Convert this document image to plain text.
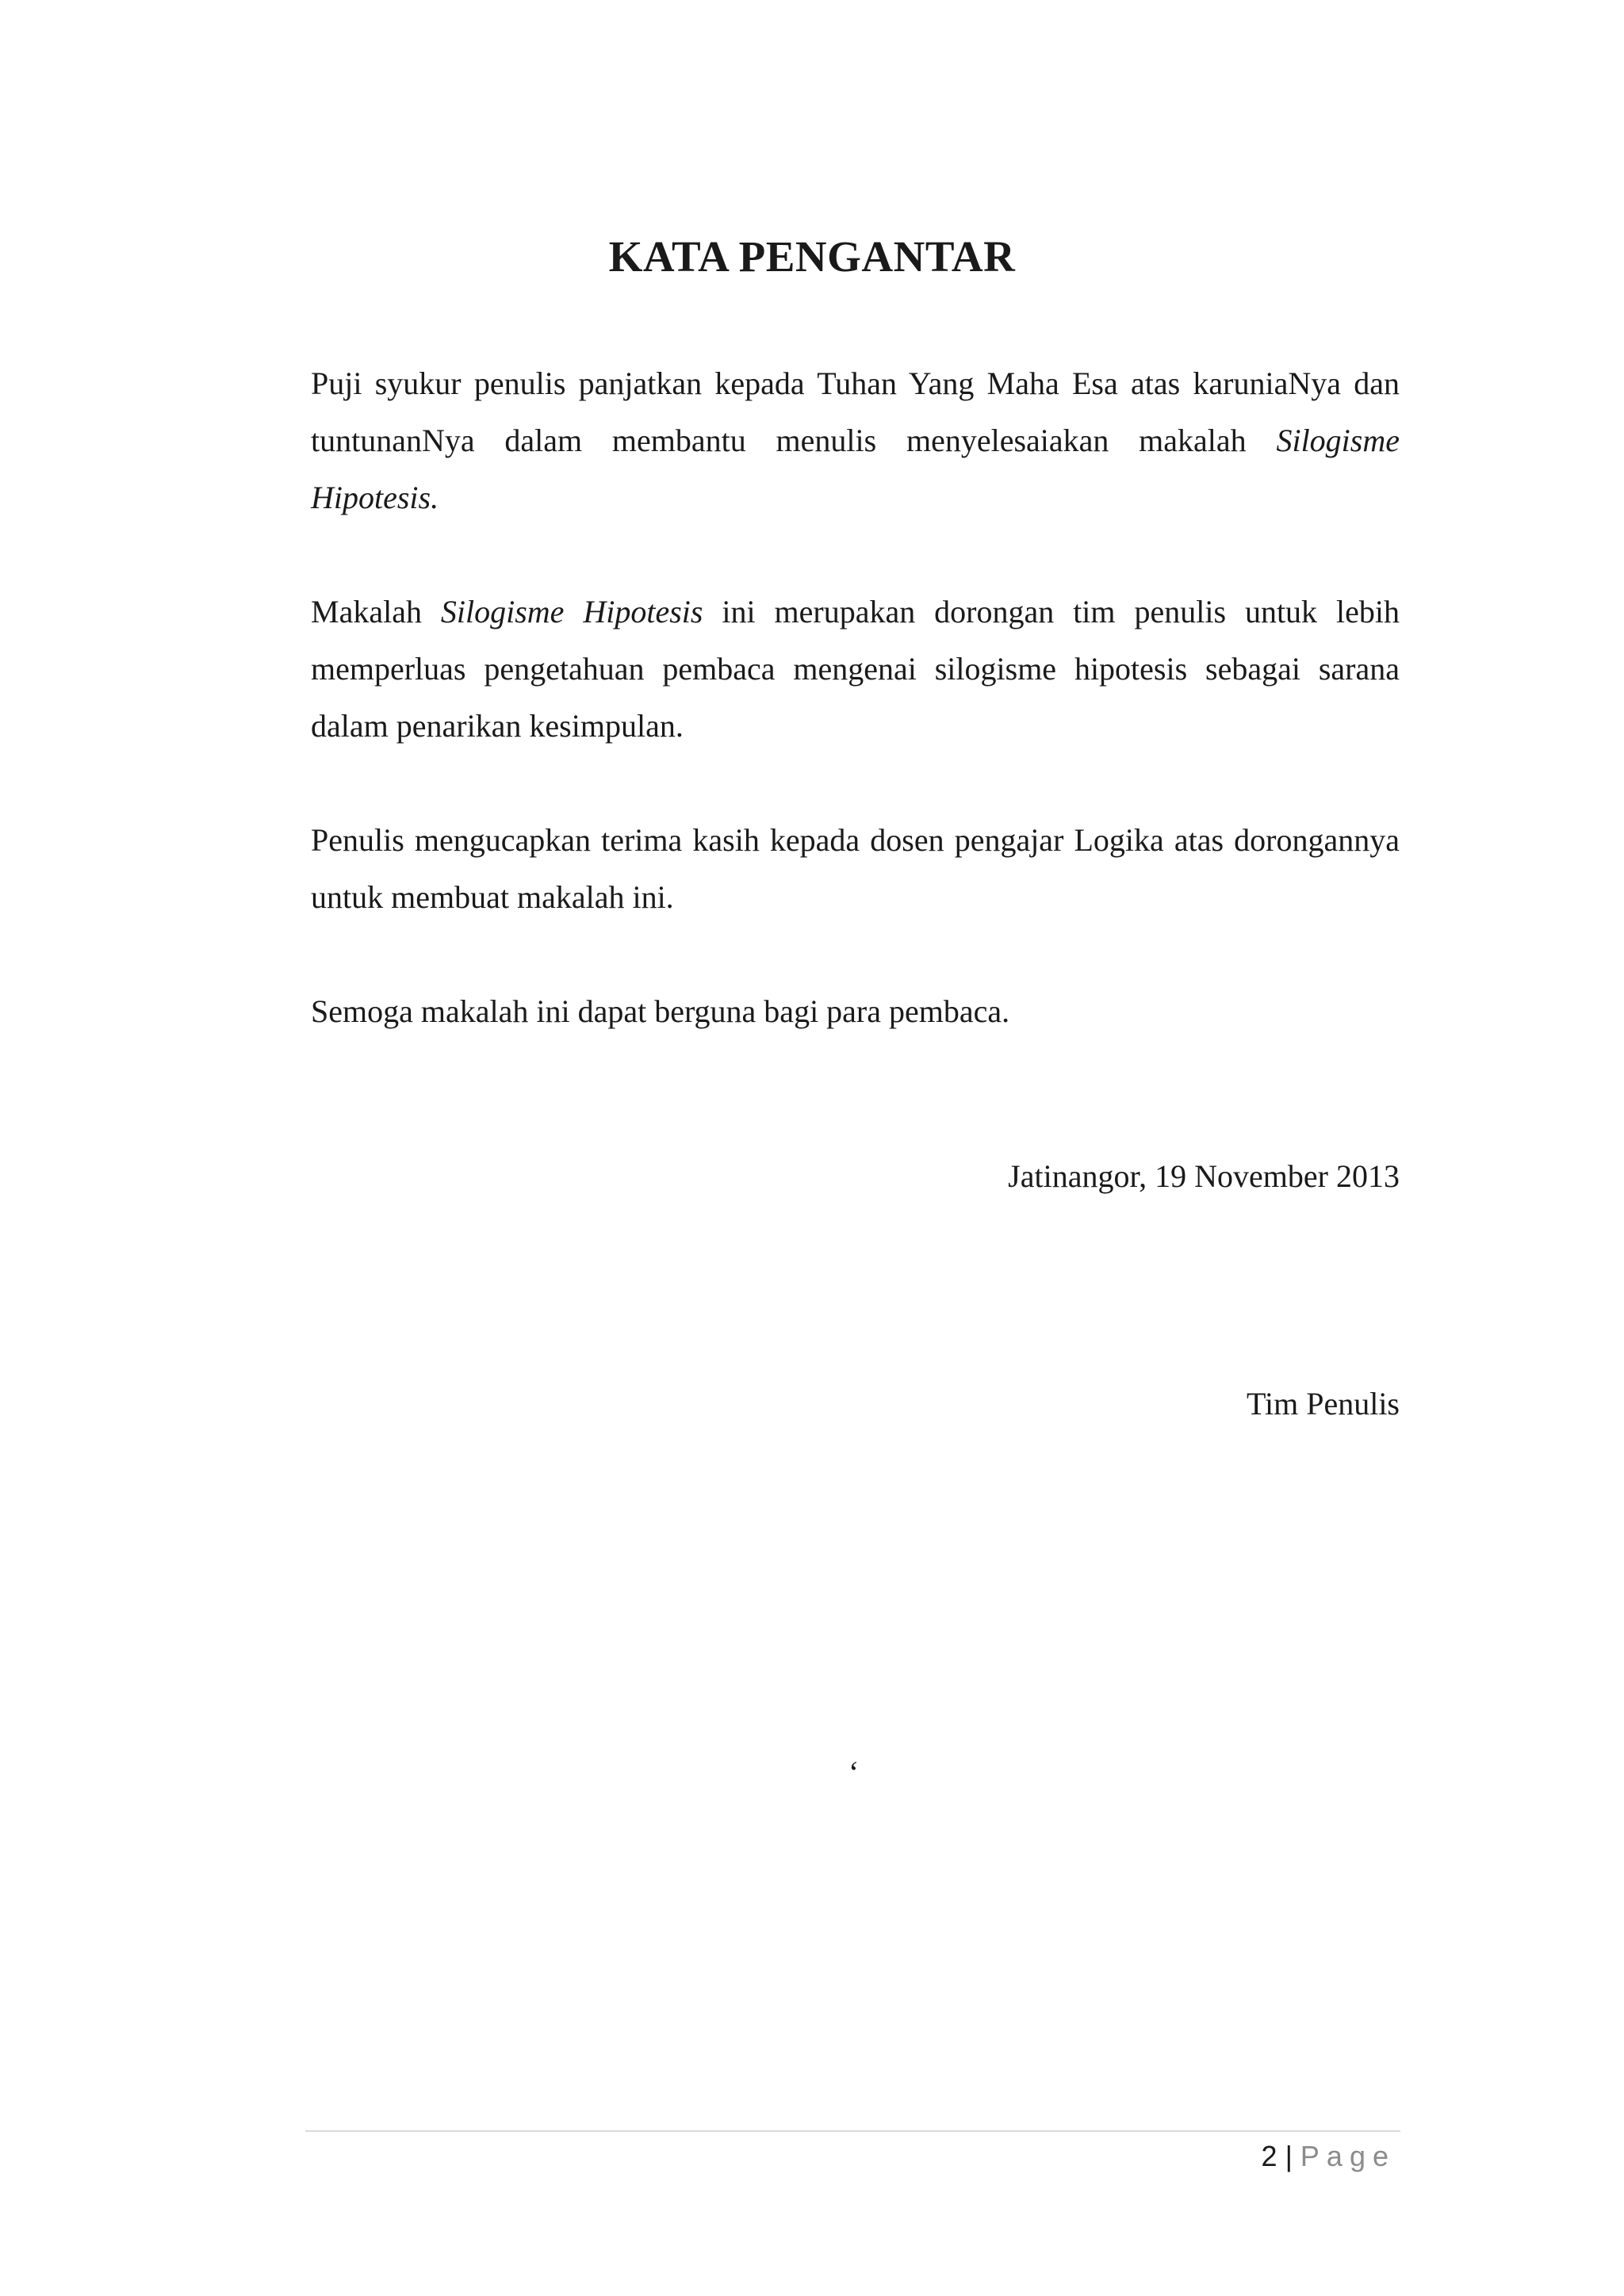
KATA PENGANTAR
Puji syukur penulis panjatkan kepada Tuhan Yang Maha Esa atas karuniaNya dan tuntunanNya dalam membantu menulis menyelesaiakan makalah Silogisme Hipotesis.
Makalah Silogisme Hipotesis ini merupakan dorongan tim penulis untuk lebih memperluas pengetahuan pembaca mengenai silogisme hipotesis sebagai sarana dalam penarikan kesimpulan.
Penulis mengucapkan terima kasih kepada dosen pengajar Logika atas dorongannya untuk membuat makalah ini.
Semoga makalah ini dapat berguna bagi para pembaca.
Jatinangor, 19 November 2013
Tim Penulis
‘
2 | Page
